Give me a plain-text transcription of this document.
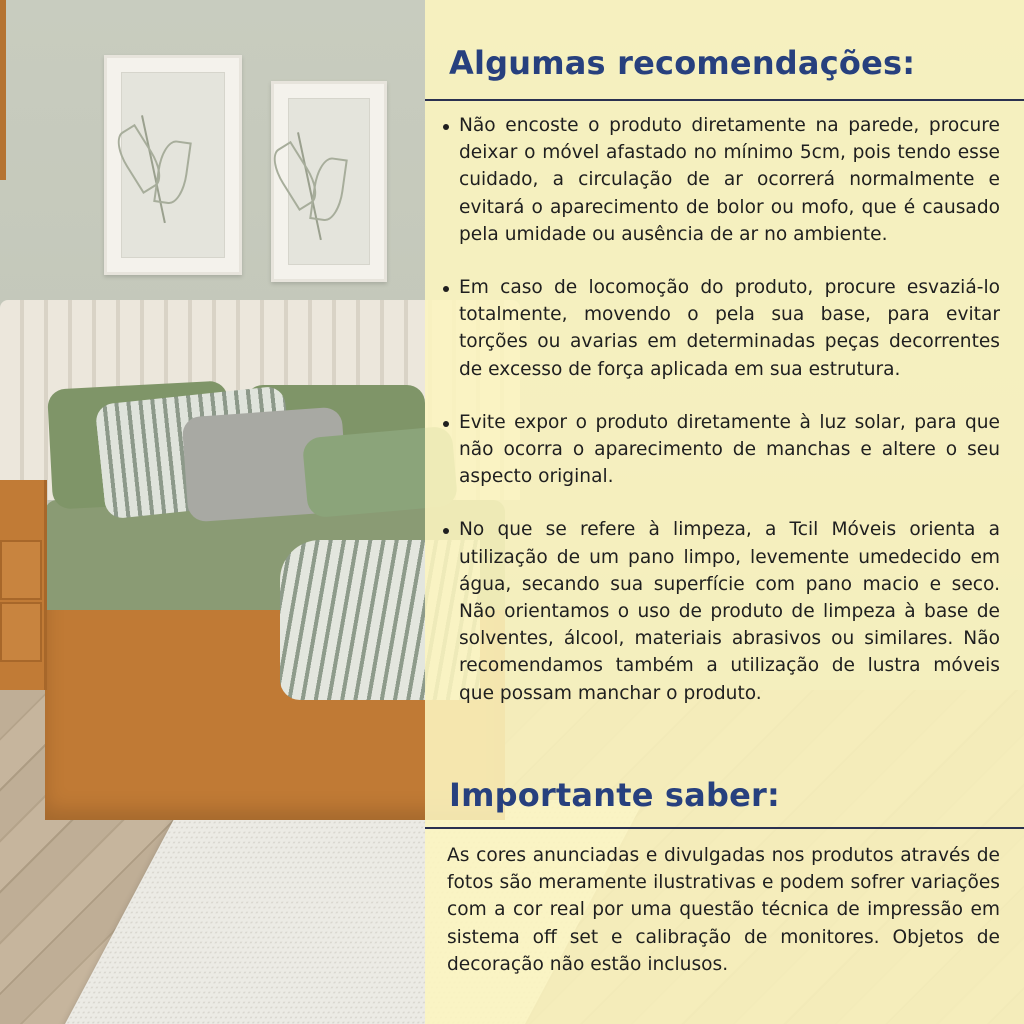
Algumas recomendações:
Não encoste o produto diretamente na parede, procure deixar o móvel afastado no mínimo 5cm, pois tendo esse cuidado, a circulação de ar ocorrerá normalmente e evitará o aparecimento de bolor ou mofo, que é causado pela umidade ou ausência de ar no ambiente.
Em caso de locomoção do produto, procure esvaziá-lo totalmente, movendo o pela sua base, para evitar torções ou avarias em determinadas peças decorrentes de excesso de força aplicada em sua estrutura.
Evite expor o produto diretamente à luz solar, para que não ocorra o aparecimento de manchas e altere o seu aspecto original.
No que se refere à limpeza, a Tcil Móveis orienta a utilização de um pano limpo, levemente umedecido em água, secando sua superfície com pano macio e seco. Não orientamos o uso de produto de limpeza à base de solventes, álcool, materiais abrasivos ou similares. Não recomendamos também a utilização de lustra móveis que possam manchar o produto.
Importante saber:

As cores anunciadas e divulgadas nos produtos através de fotos são meramente ilustrativas e podem sofrer variações com a cor real por uma questão técnica de impressão em sistema off set e calibração de monitores. Objetos de decoração não estão inclusos.
